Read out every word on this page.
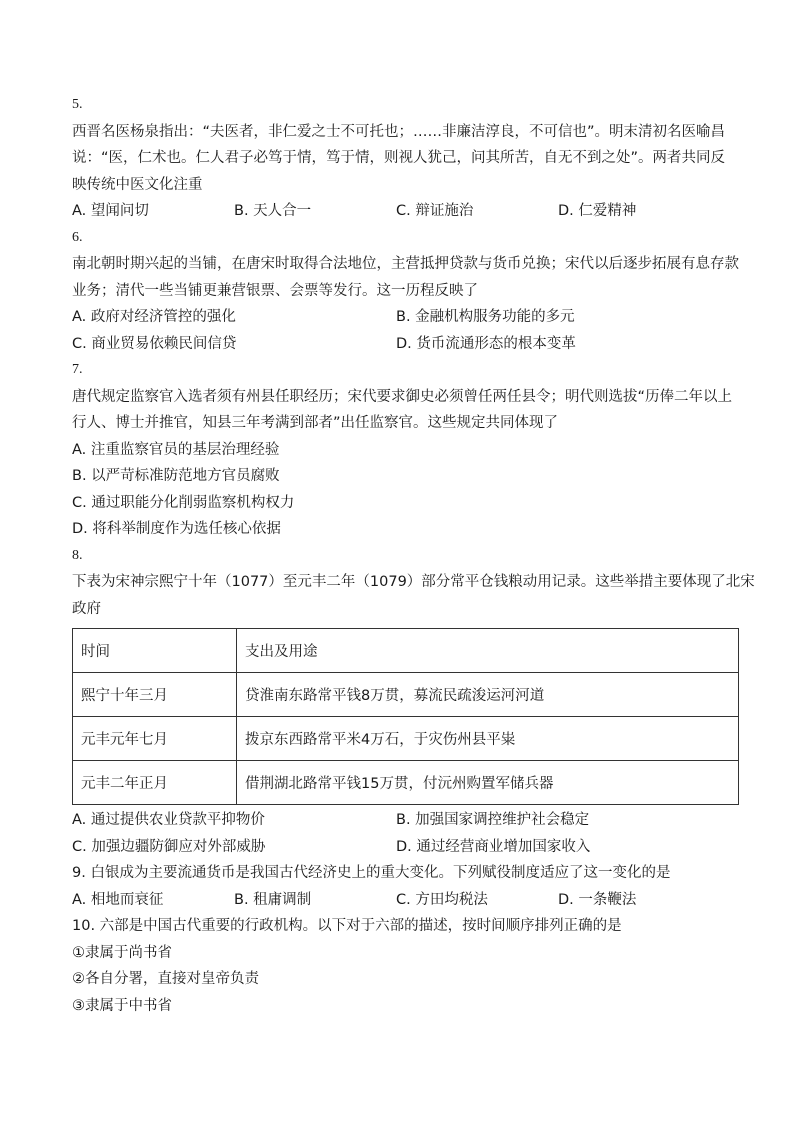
5.
西晋名医杨泉指出：“夫医者，非仁爱之士不可托也；……非廉洁淳良，不可信也”。明末清初名医喻昌
说：“医，仁术也。仁人君子必笃于情，笃于情，则视人犹己，问其所苦，自无不到之处”。两者共同反
映传统中医文化注重
A. 望闻问切	B. 天人合一	C. 辩证施治	D. 仁爱精神
6.
南北朝时期兴起的当铺，在唐宋时取得合法地位，主营抵押贷款与货币兑换；宋代以后逐步拓展有息存款
业务；清代一些当铺更兼营银票、会票等发行。这一历程反映了
A. 政府对经济管控的强化	B. 金融机构服务功能的多元
C. 商业贸易依赖民间信贷	D. 货币流通形态的根本变革
7.
唐代规定监察官入选者须有州县任职经历；宋代要求御史必须曾任两任县令；明代则选拔“历俸二年以上
行人、博士并推官，知县三年考满到部者”出任监察官。这些规定共同体现了
A. 注重监察官员的基层治理经验
B. 以严苛标准防范地方官员腐败
C. 通过职能分化削弱监察机构权力
D. 将科举制度作为选任核心依据
8.
下表为宋神宗熙宁十年（1077）至元丰二年（1079）部分常平仓钱粮动用记录。这些举措主要体现了北宋
政府
时间	支出及用途
熙宁十年三月	贷淮南东路常平钱8万贯，募流民疏浚运河河道
元丰元年七月	拨京东西路常平米4万石，于灾伤州县平粜
元丰二年正月	借荆湖北路常平钱15万贯，付沅州购置军储兵器
A. 通过提供农业贷款平抑物价	B. 加强国家调控维护社会稳定
C. 加强边疆防御应对外部威胁	D. 通过经营商业增加国家收入
9. 白银成为主要流通货币是我国古代经济史上的重大变化。下列赋役制度适应了这一变化的是
A. 相地而衰征	B. 租庸调制	C. 方田均税法	D. 一条鞭法
10. 六部是中国古代重要的行政机构。以下对于六部的描述，按时间顺序排列正确的是
①隶属于尚书省
②各自分署，直接对皇帝负责
③隶属于中书省
